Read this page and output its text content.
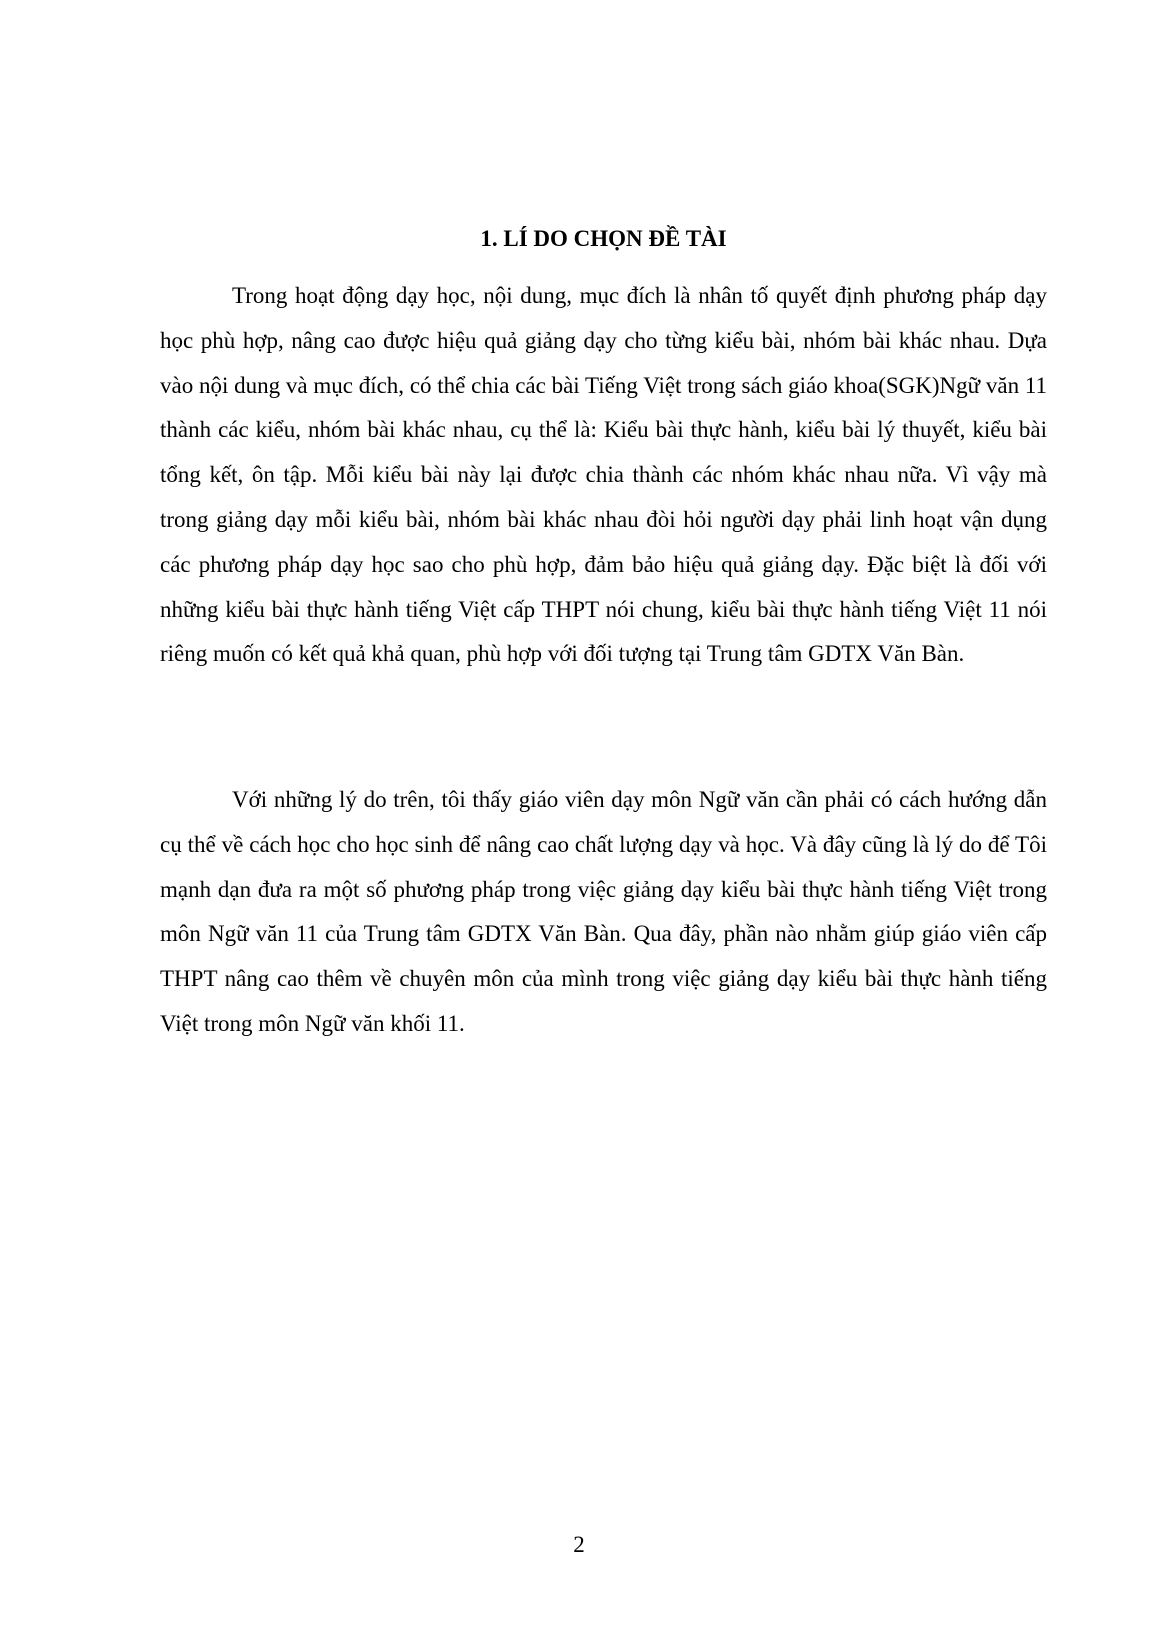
1. LÍ DO CHỌN ĐỀ TÀI

Trong hoạt động dạy học, nội dung, mục đích là nhân tố quyết định phương pháp dạy học phù hợp, nâng cao được hiệu quả giảng dạy cho từng kiểu bài, nhóm bài khác nhau. Dựa vào nội dung và mục đích, có thể chia các bài Tiếng Việt trong sách giáo khoa(SGK)Ngữ văn 11 thành các kiểu, nhóm bài khác nhau, cụ thể là: Kiểu bài thực hành, kiểu bài lý thuyết, kiểu bài tổng kết, ôn tập. Mỗi kiểu bài này lại được chia thành các nhóm khác nhau nữa. Vì vậy mà trong giảng dạy mỗi kiểu bài, nhóm bài khác nhau đòi hỏi người dạy phải linh hoạt vận dụng các phương pháp dạy học sao cho phù hợp, đảm bảo hiệu quả giảng dạy. Đặc biệt là đối với những kiểu bài thực hành tiếng Việt cấp THPT nói chung, kiểu bài thực hành tiếng Việt 11 nói riêng muốn có kết quả khả quan, phù hợp với đối tượng tại Trung tâm GDTX Văn Bàn.

Với những lý do trên, tôi thấy giáo viên dạy môn Ngữ văn cần phải có cách hướng dẫn cụ thể về cách học cho học sinh để nâng cao chất lượng dạy và học. Và đây cũng là lý do để Tôi mạnh dạn đưa ra một số phương pháp trong việc giảng dạy kiểu bài thực hành tiếng Việt trong môn Ngữ văn 11 của Trung tâm GDTX Văn Bàn. Qua đây, phần nào nhằm giúp giáo viên cấp THPT nâng cao thêm về chuyên môn của mình trong việc giảng dạy kiểu bài thực hành tiếng Việt trong môn Ngữ văn khối 11.

2
